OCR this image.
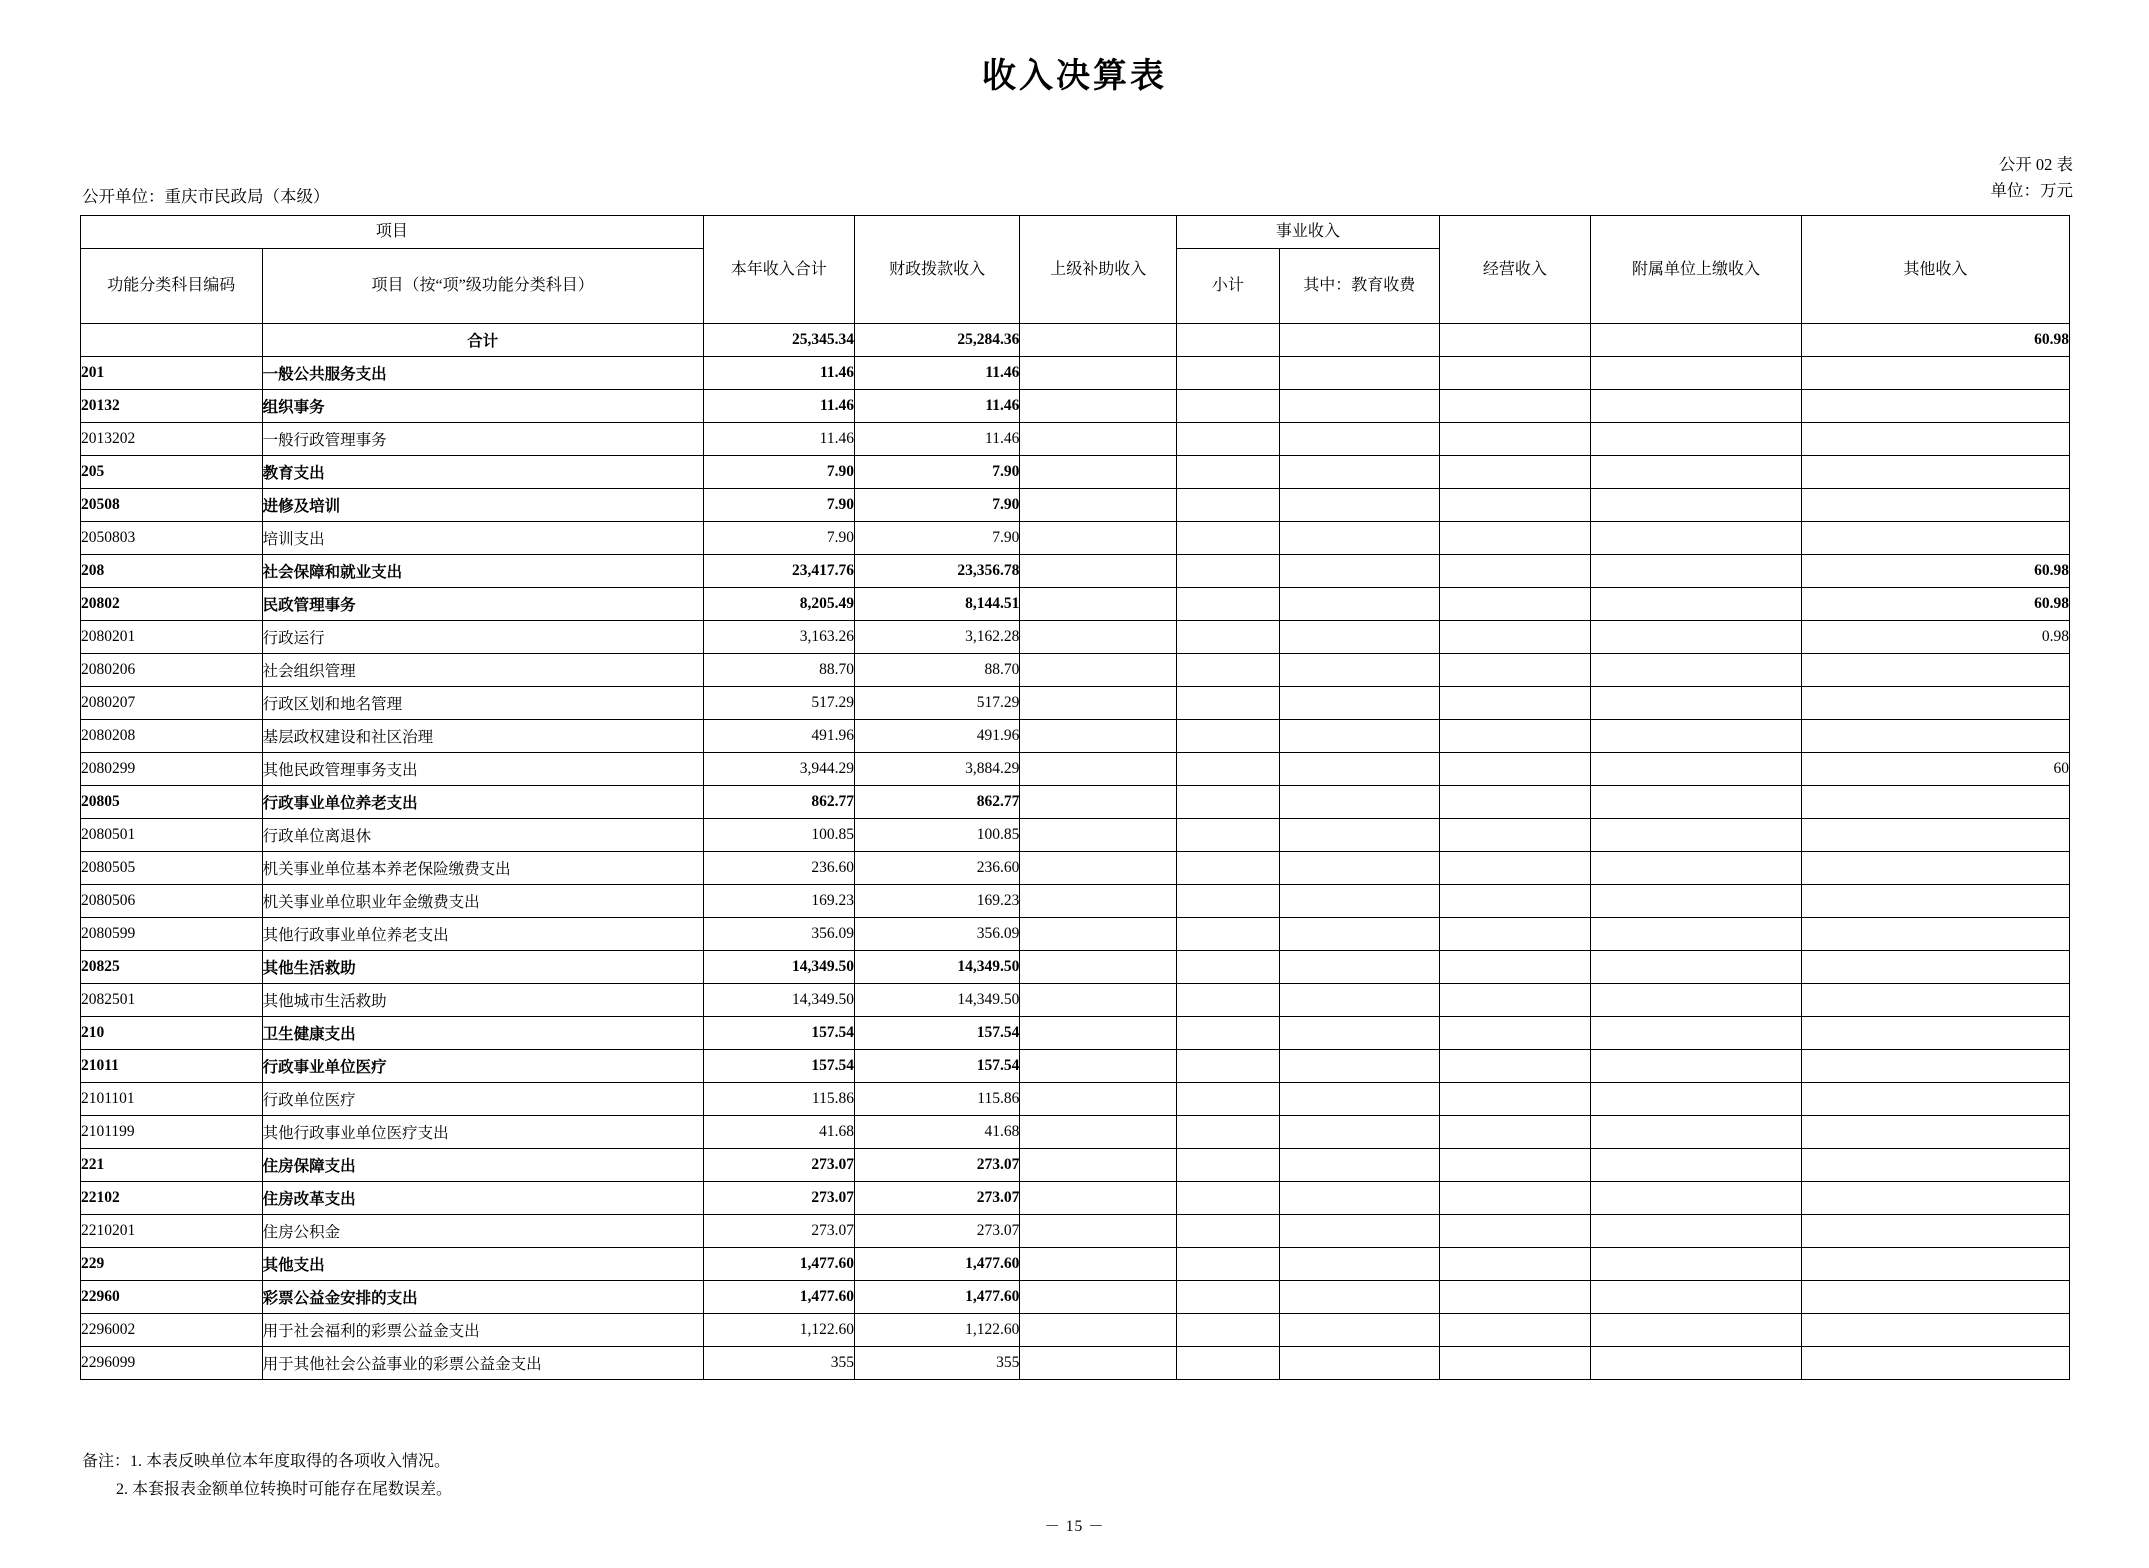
收入决算表
公开 02 表
单位：万元
公开单位：重庆市民政局（本级）
项目		本年收入合计	财政拨款收入	上级补助收入	事业收入		经营收入	附属单位上缴收入	其他收入
功能分类科目编码	项目（按“项”级功能分类科目）				小计	其中：教育收费			
	合计	25,345.34	25,284.36						60.98
201	一般公共服务支出	11.46	11.46						
20132	组织事务	11.46	11.46						
2013202	一般行政管理事务	11.46	11.46						
205	教育支出	7.90	7.90						
20508	进修及培训	7.90	7.90						
2050803	培训支出	7.90	7.90						
208	社会保障和就业支出	23,417.76	23,356.78						60.98
20802	民政管理事务	8,205.49	8,144.51						60.98
2080201	行政运行	3,163.26	3,162.28						0.98
2080206	社会组织管理	88.70	88.70						
2080207	行政区划和地名管理	517.29	517.29						
2080208	基层政权建设和社区治理	491.96	491.96						
2080299	其他民政管理事务支出	3,944.29	3,884.29						60
20805	行政事业单位养老支出	862.77	862.77						
2080501	行政单位离退休	100.85	100.85						
2080505	机关事业单位基本养老保险缴费支出	236.60	236.60						
2080506	机关事业单位职业年金缴费支出	169.23	169.23						
2080599	其他行政事业单位养老支出	356.09	356.09						
20825	其他生活救助	14,349.50	14,349.50						
2082501	其他城市生活救助	14,349.50	14,349.50						
210	卫生健康支出	157.54	157.54						
21011	行政事业单位医疗	157.54	157.54						
2101101	行政单位医疗	115.86	115.86						
2101199	其他行政事业单位医疗支出	41.68	41.68						
221	住房保障支出	273.07	273.07						
22102	住房改革支出	273.07	273.07						
2210201	住房公积金	273.07	273.07						
229	其他支出	1,477.60	1,477.60						
22960	彩票公益金安排的支出	1,477.60	1,477.60						
2296002	用于社会福利的彩票公益金支出	1,122.60	1,122.60						
2296099	用于其他社会公益事业的彩票公益金支出	355	355						
备注：1. 本表反映单位本年度取得的各项收入情况。
2. 本套报表金额单位转换时可能存在尾数误差。
－ 15 －
